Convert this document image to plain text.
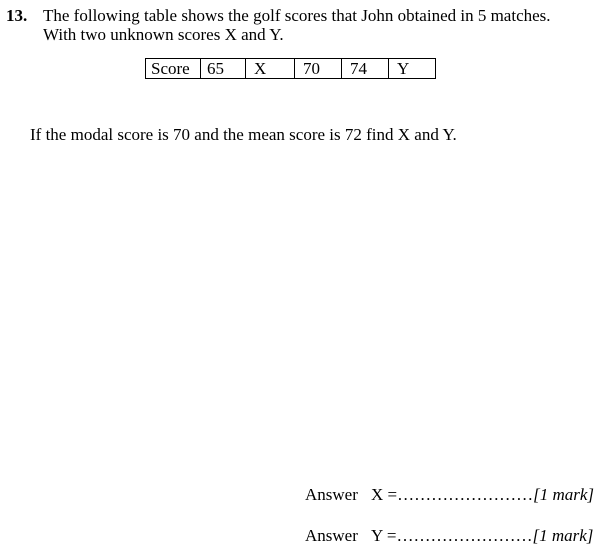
13. The following table shows the golf scores that John obtained in 5 matches.
With two unknown scores X and Y.
Score	65	X	70	74	Y
If the modal score is 70 and the mean score is 72 find X and Y.
Answer X =……………………[1 mark]
Answer Y =……………………[1 mark]
